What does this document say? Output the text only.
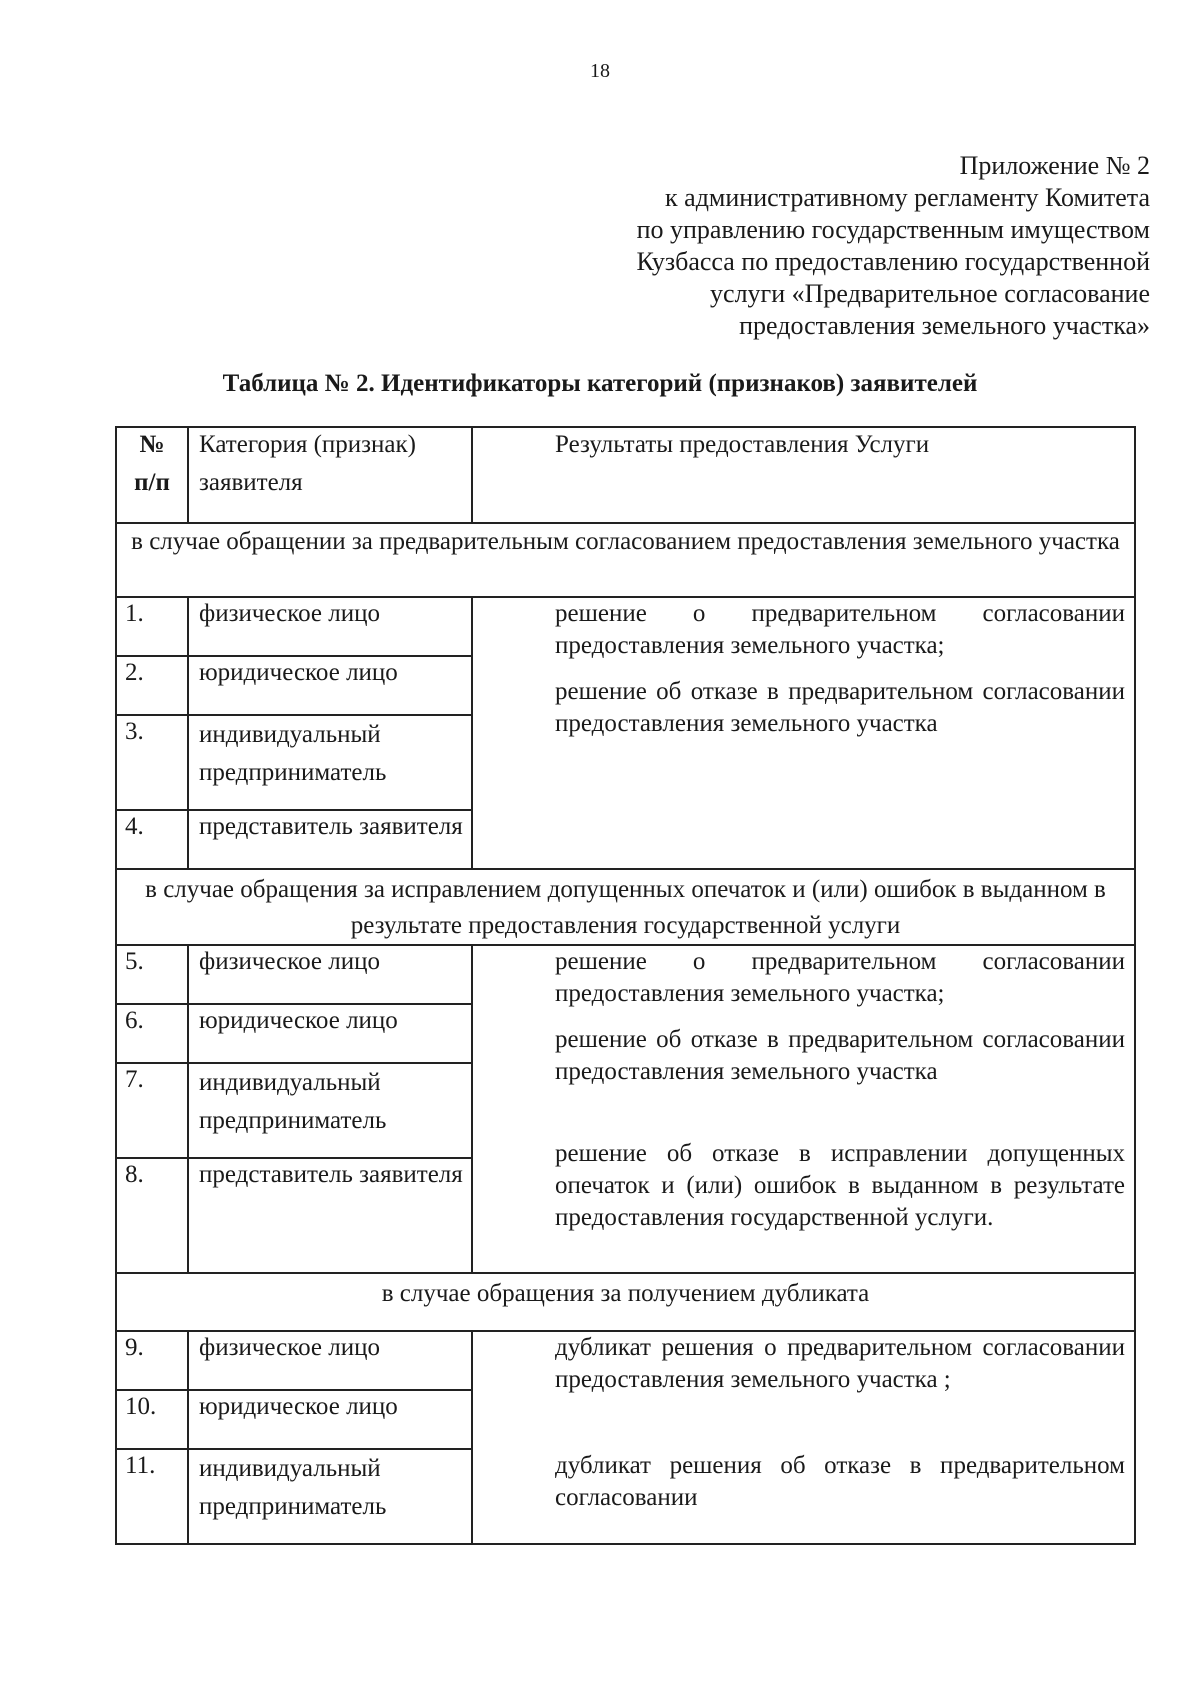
18
Приложение № 2
к административному регламенту Комитета
по управлению государственным имуществом
Кузбасса по предоставлению государственной
услуги «Предварительное согласование
предоставления земельного участка»
Таблица № 2. Идентификаторы категорий (признаков) заявителей
№
п/п
Категория (признак) заявителя
Результаты предоставления Услуги
в случае обращении за предварительным согласованием предоставления земельного участка
1. физическое лицо
2. юридическое лицо
3. индивидуальный предприниматель
4. представитель заявителя
решение о предварительном согласовании предоставления земельного участка;
решение об отказе в предварительном согласовании предоставления земельного участка
в случае обращения за исправлением допущенных опечаток и (или) ошибок в выданном в результате предоставления государственной услуги
5. физическое лицо
6. юридическое лицо
7. индивидуальный предприниматель
8. представитель заявителя
решение о предварительном согласовании предоставления земельного участка;
решение об отказе в предварительном согласовании предоставления земельного участка
решение об отказе в исправлении допущенных опечаток и (или) ошибок в выданном в результате предоставления государственной услуги.
в случае обращения за получением дубликата
9. физическое лицо
10. юридическое лицо
11. индивидуальный предприниматель
дубликат решения о предварительном согласовании предоставления земельного участка ;
дубликат решения об отказе в предварительном согласовании
